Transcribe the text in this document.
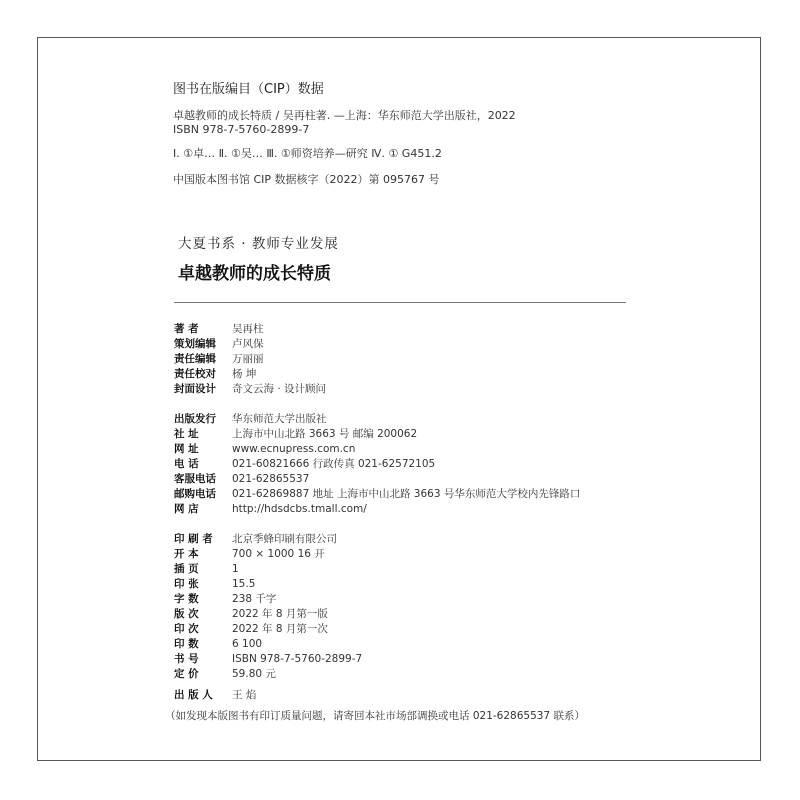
图书在版编目（CIP）数据
卓越教师的成长特质 / 吴再柱著. —上海：华东师范大学出版社，2022
ISBN 978-7-5760-2899-7
Ⅰ. ①卓… Ⅱ. ①吴… Ⅲ. ①师资培养—研究 Ⅳ. ① G451.2
中国版本图书馆 CIP 数据核字（2022）第 095767 号
大夏书系 · 教师专业发展
卓越教师的成长特质
著 者	吴再柱
策划编辑 卢风保
责任编辑 万丽丽
责任校对 杨 坤
封面设计 奇文云海 · 设计顾问
出版发行 华东师范大学出版社
社 址	上海市中山北路 3663 号 邮编 200062
网 址	www.ecnupress.com.cn
电 话	021-60821666 行政传真 021-62572105
客服电话 021-62865537
邮购电话 021-62869887 地址 上海市中山北路 3663 号华东师范大学校内先锋路口
网 店	http://hdsdcbs.tmall.com/
印 刷 者 北京季蜂印刷有限公司
开 本	700 × 1000 16 开
插 页	1
印 张	15.5
字 数	238 千字
版 次	2022 年 8 月第一版
印 次	2022 年 8 月第一次
印 数	6 100
书 号	ISBN 978-7-5760-2899-7
定 价	59.80 元
出 版 人 王 焰
（如发现本版图书有印订质量问题，请寄回本社市场部调换或电话 021-62865537 联系）
